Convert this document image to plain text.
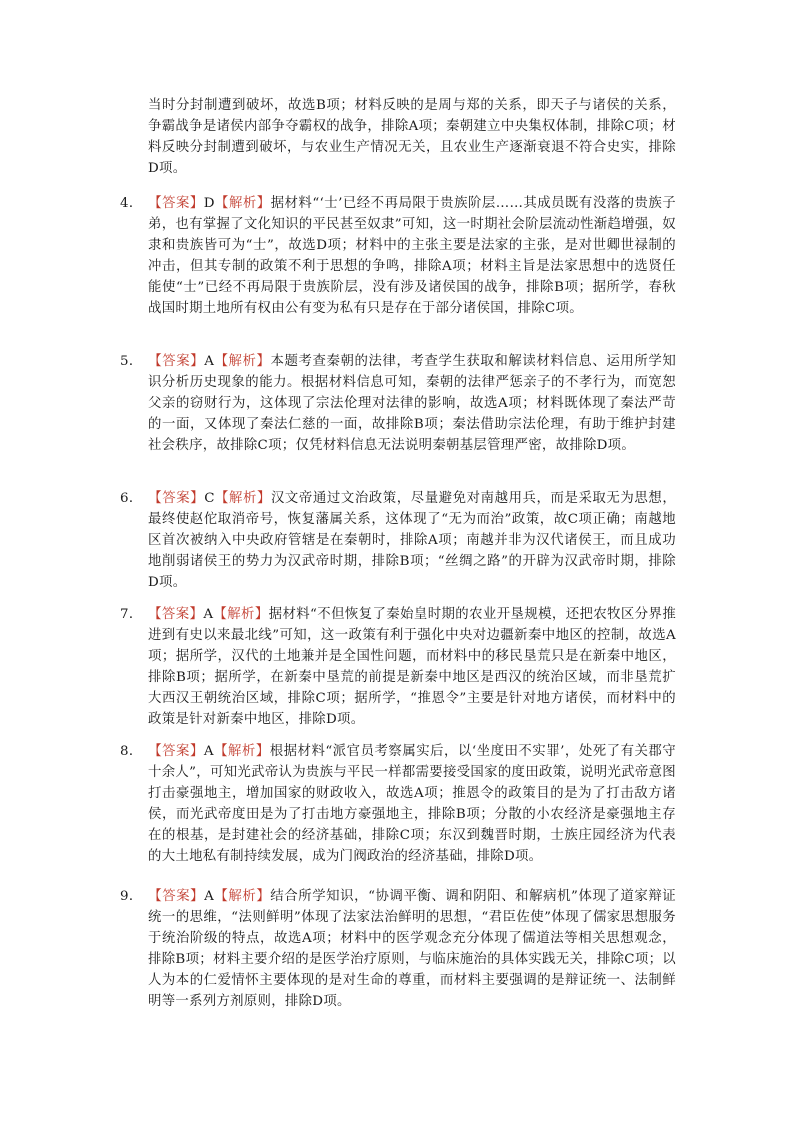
当时分封制遭到破坏，故选B项；材料反映的是周与郑的关系，即天子与诸侯的关系，争霸战争是诸侯内部争夺霸权的战争，排除A项；秦朝建立中央集权体制，排除C项；材料反映分封制遭到破坏，与农业生产情况无关，且农业生产逐渐衰退不符合史实，排除D项。
4． 【答案】D【解析】据材料“‘士’已经不再局限于贵族阶层……其成员既有没落的贵族子弟，也有掌握了文化知识的平民甚至奴隶”可知，这一时期社会阶层流动性渐趋增强，奴隶和贵族皆可为“士”，故选D项；材料中的主张主要是法家的主张，是对世卿世禄制的冲击，但其专制的政策不利于思想的争鸣，排除A项；材料主旨是法家思想中的选贤任能使“士”已经不再局限于贵族阶层，没有涉及诸侯国的战争，排除B项；据所学，春秋战国时期土地所有权由公有变为私有只是存在于部分诸侯国，排除C项。
5． 【答案】A【解析】本题考查秦朝的法律，考查学生获取和解读材料信息、运用所学知识分析历史现象的能力。根据材料信息可知，秦朝的法律严惩亲子的不孝行为，而宽恕父亲的窃财行为，这体现了宗法伦理对法律的影响，故选A项；材料既体现了秦法严苛的一面，又体现了秦法仁慈的一面，故排除B项；秦法借助宗法伦理，有助于维护封建社会秩序，故排除C项；仅凭材料信息无法说明秦朝基层管理严密，故排除D项。
6． 【答案】C【解析】汉文帝通过文治政策，尽量避免对南越用兵，而是采取无为思想，最终使赵佗取消帝号，恢复藩属关系，这体现了“无为而治”政策，故C项正确；南越地区首次被纳入中央政府管辖是在秦朝时，排除A项；南越并非为汉代诸侯王，而且成功地削弱诸侯王的势力为汉武帝时期，排除B项；“丝绸之路”的开辟为汉武帝时期，排除D项。
7． 【答案】A【解析】据材料“不但恢复了秦始皇时期的农业开垦规模，还把农牧区分界推进到有史以来最北线”可知，这一政策有利于强化中央对边疆新秦中地区的控制，故选A项；据所学，汉代的土地兼并是全国性问题，而材料中的移民垦荒只是在新秦中地区，排除B项；据所学，在新秦中垦荒的前提是新秦中地区是西汉的统治区域，而非垦荒扩大西汉王朝统治区域，排除C项；据所学，“推恩令”主要是针对地方诸侯，而材料中的政策是针对新秦中地区，排除D项。
8． 【答案】A【解析】根据材料“派官员考察属实后，以‘坐度田不实罪’，处死了有关郡守十余人”，可知光武帝认为贵族与平民一样都需要接受国家的度田政策，说明光武帝意图打击豪强地主，增加国家的财政收入，故选A项；推恩令的政策目的是为了打击敌方诸侯，而光武帝度田是为了打击地方豪强地主，排除B项；分散的小农经济是豪强地主存在的根基，是封建社会的经济基础，排除C项；东汉到魏晋时期，士族庄园经济为代表的大土地私有制持续发展，成为门阀政治的经济基础，排除D项。
9． 【答案】A【解析】结合所学知识，“协调平衡、调和阴阳、和解病机”体现了道家辩证统一的思维，“法则鲜明”体现了法家法治鲜明的思想，“君臣佐使”体现了儒家思想服务于统治阶级的特点，故选A项；材料中的医学观念充分体现了儒道法等相关思想观念，排除B项；材料主要介绍的是医学治疗原则，与临床施治的具体实践无关，排除C项；以人为本的仁爱情怀主要体现的是对生命的尊重，而材料主要强调的是辩证统一、法制鲜明等一系列方剂原则，排除D项。
